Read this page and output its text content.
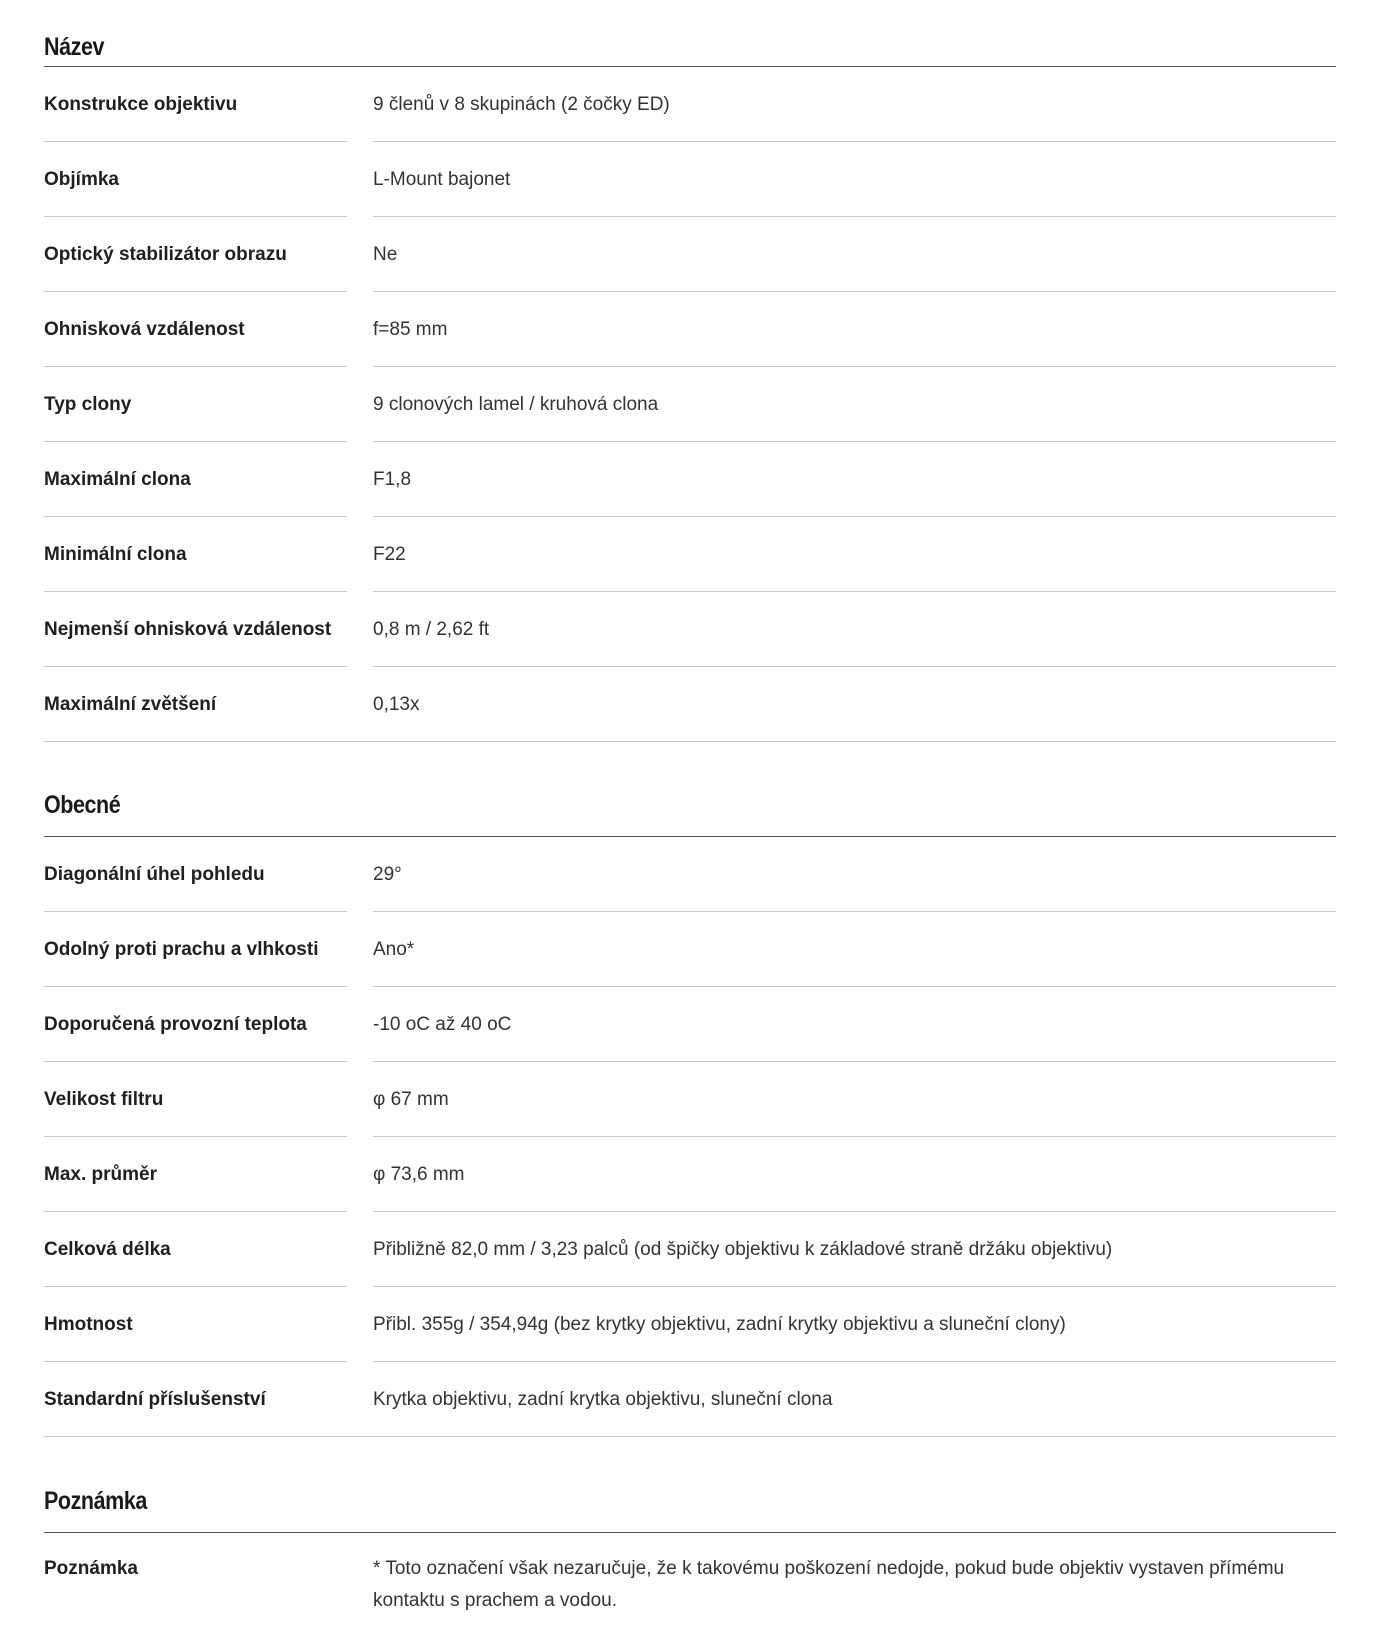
Název
Konstrukce objektivu	9 členů v 8 skupinách (2 čočky ED)
Objímka	L-Mount bajonet
Optický stabilizátor obrazu	Ne
Ohnisková vzdálenost	f=85 mm
Typ clony	9 clonových lamel / kruhová clona
Maximální clona	F1,8
Minimální clona	F22
Nejmenší ohnisková vzdálenost	0,8 m / 2,62 ft
Maximální zvětšení	0,13x
Obecné
Diagonální úhel pohledu	29°
Odolný proti prachu a vlhkosti	Ano*
Doporučená provozní teplota	-10 oC až 40 oC
Velikost filtru	φ 67 mm
Max. průměr	φ 73,6 mm
Celková délka	Přibližně 82,0 mm / 3,23 palců (od špičky objektivu k základové straně držáku objektivu)
Hmotnost	Přibl. 355g / 354,94g (bez krytky objektivu, zadní krytky objektivu a sluneční clony)
Standardní příslušenství	Krytka objektivu, zadní krytka objektivu, sluneční clona
Poznámka
Poznámka	* Toto označení však nezaručuje, že k takovému poškození nedojde, pokud bude objektiv vystaven přímému kontaktu s prachem a vodou.
